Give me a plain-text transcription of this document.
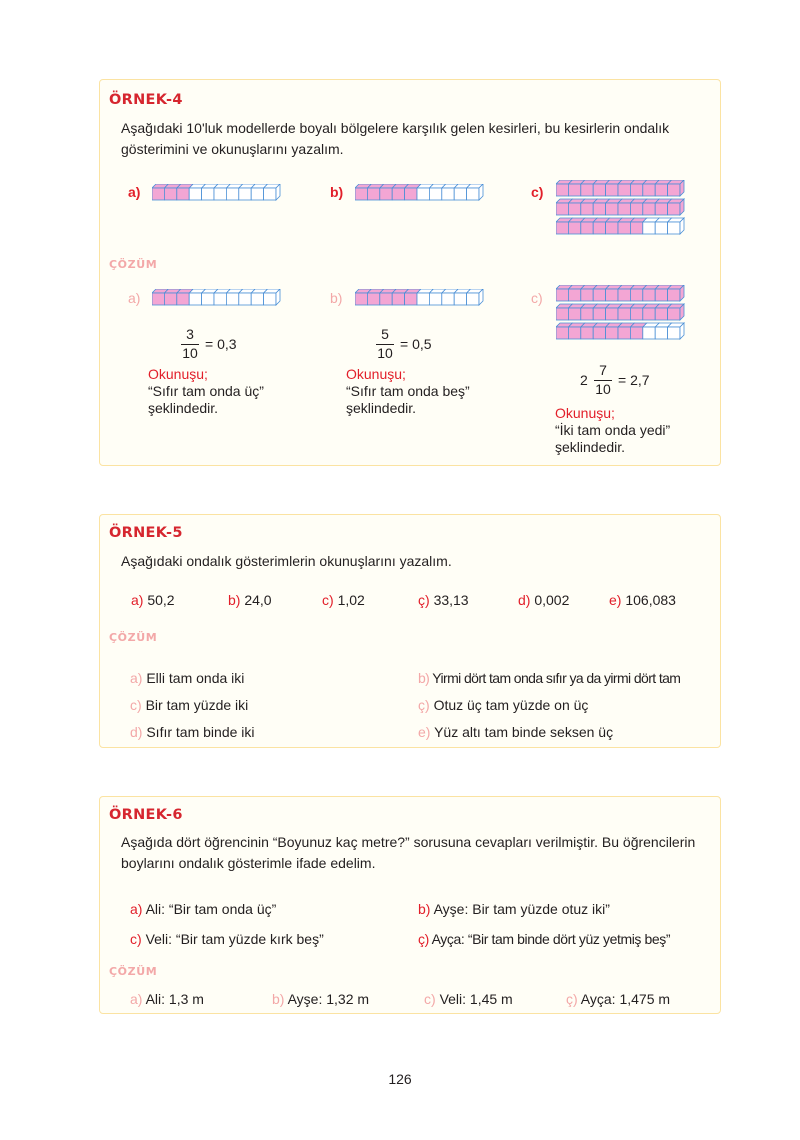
ÖRNEK-4
Aşağıdaki 10'luk modellerde boyalı bölgelere karşılık gelen kesirleri, bu kesirlerin ondalık gösterimini ve okunuşlarını yazalım.
a)	b)	c)
ÇÖZÜM
a)	b)	c)
3
10
= 0,3
Okunuşu;
“Sıfır tam onda üç”
şeklindedir.
5
10
= 0,5
Okunuşu;
“Sıfır tam onda beş”
şeklindedir.
2
7
10
= 2,7
Okunuşu;
“İki tam onda yedi”
şeklindedir.
ÖRNEK-5
Aşağıdaki ondalık gösterimlerin okunuşlarını yazalım.
a) 50,2	b) 24,0	c) 1,02	ç) 33,13	d) 0,002	e) 106,083
ÇÖZÜM
a) Elli tam onda iki	b) Yirmi dört tam onda sıfır ya da yirmi dört tam
c) Bir tam yüzde iki	ç) Otuz üç tam yüzde on üç
d) Sıfır tam binde iki	e) Yüz altı tam binde seksen üç
ÖRNEK-6
Aşağıda dört öğrencinin “Boyunuz kaç metre?” sorusuna cevapları verilmiştir. Bu öğrencilerin boylarını ondalık gösterimle ifade edelim.
a) Ali: “Bir tam onda üç”	b) Ayşe: Bir tam yüzde otuz iki”
c) Veli: “Bir tam yüzde kırk beş”	ç) Ayça: “Bir tam binde dört yüz yetmiş beş”
ÇÖZÜM
a) Ali: 1,3 m	b) Ayşe: 1,32 m	c) Veli: 1,45 m	ç) Ayça: 1,475 m
126
